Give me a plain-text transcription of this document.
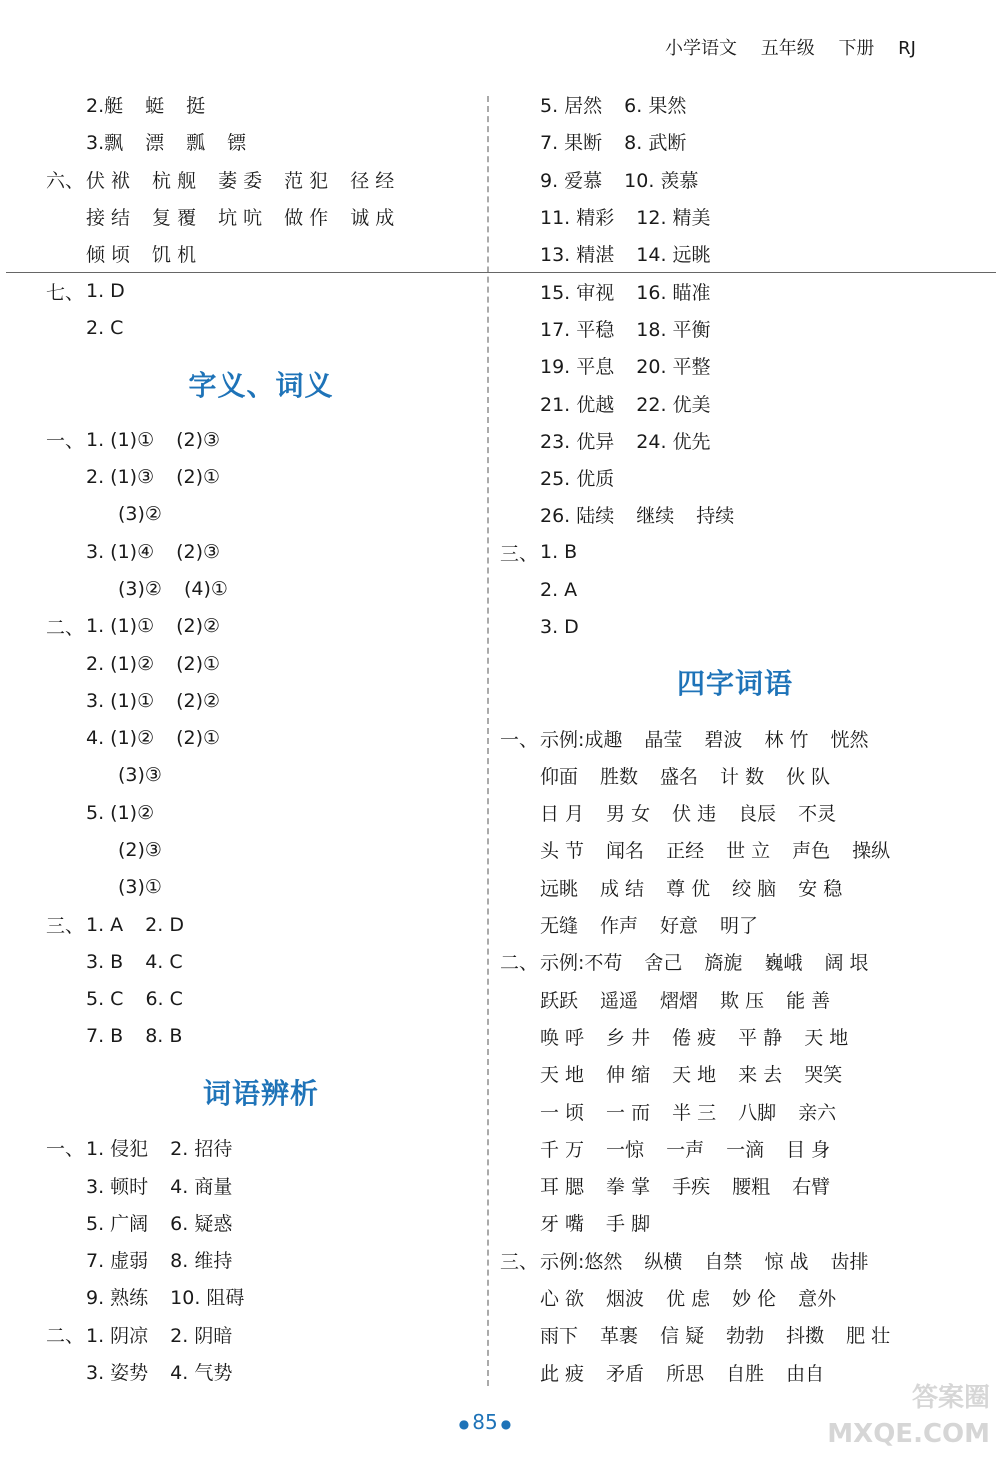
小学语文 五年级 下册 RJ
2.艇 蜓 挺
3.飘 漂 瓢 镖
六、 伏 袱 杭 舰 萎 委 范 犯 径 经
接 结 复 覆 坑 吭 做 作 诚 成
倾 顷 饥 机
七、 1. D
2. C
字义、词义
一、 1. (1)① (2)③
2. (1)③ (2)①
(3)②
3. (1)④ (2)③
(3)② (4)①
二、 1. (1)① (2)②
2. (1)② (2)①
3. (1)① (2)②
4. (1)② (2)①
(3)③
5. (1)②
(2)③
(3)①
三、 1. A 2. D
3. B 4. C
5. C 6. C
7. B 8. B
词语辨析
一、 1. 侵犯 2. 招待
3. 顿时 4. 商量
5. 广阔 6. 疑惑
7. 虚弱 8. 维持
9. 熟练 10. 阻碍
二、 1. 阴凉 2. 阴暗
3. 姿势 4. 气势
5. 居然 6. 果然
7. 果断 8. 武断
9. 爱慕 10. 羡慕
11. 精彩 12. 精美
13. 精湛 14. 远眺
15. 审视 16. 瞄准
17. 平稳 18. 平衡
19. 平息 20. 平整
21. 优越 22. 优美
23. 优异 24. 优先
25. 优质
26. 陆续 继续 持续
三、 1. B
2. A
3. D
四字词语
一、 示例:成趣 晶莹 碧波 林 竹 恍然
仰面 胜数 盛名 计 数 伙 队
日 月 男 女 伏 违 良辰 不灵
头 节 闻名 正经 世 立 声色 操纵
远眺 成 结 尊 优 绞 脑 安 稳
无缝 作声 好意 明了
二、 示例:不苟 舍己 旖旎 巍峨 阔 垠
跃跃 遥遥 熠熠 欺 压 能 善
唤 呼 乡 井 倦 疲 平 静 天 地
天 地 伸 缩 天 地 来 去 哭笑
一 顷 一 而 半 三 八脚 亲六
千 万 一惊 一声 一滴 目 身
耳 腮 拳 掌 手疾 腰粗 右臂
牙 嘴 手 脚
三、 示例:悠然 纵横 自禁 惊 战 齿排
心 欲 烟波 优 虑 妙 伦 意外
雨下 革裹 信 疑 勃勃 抖擞 肥 壮
此 疲 矛盾 所思 自胜 由自
● 85 ●
答案圈
MXQE.COM
